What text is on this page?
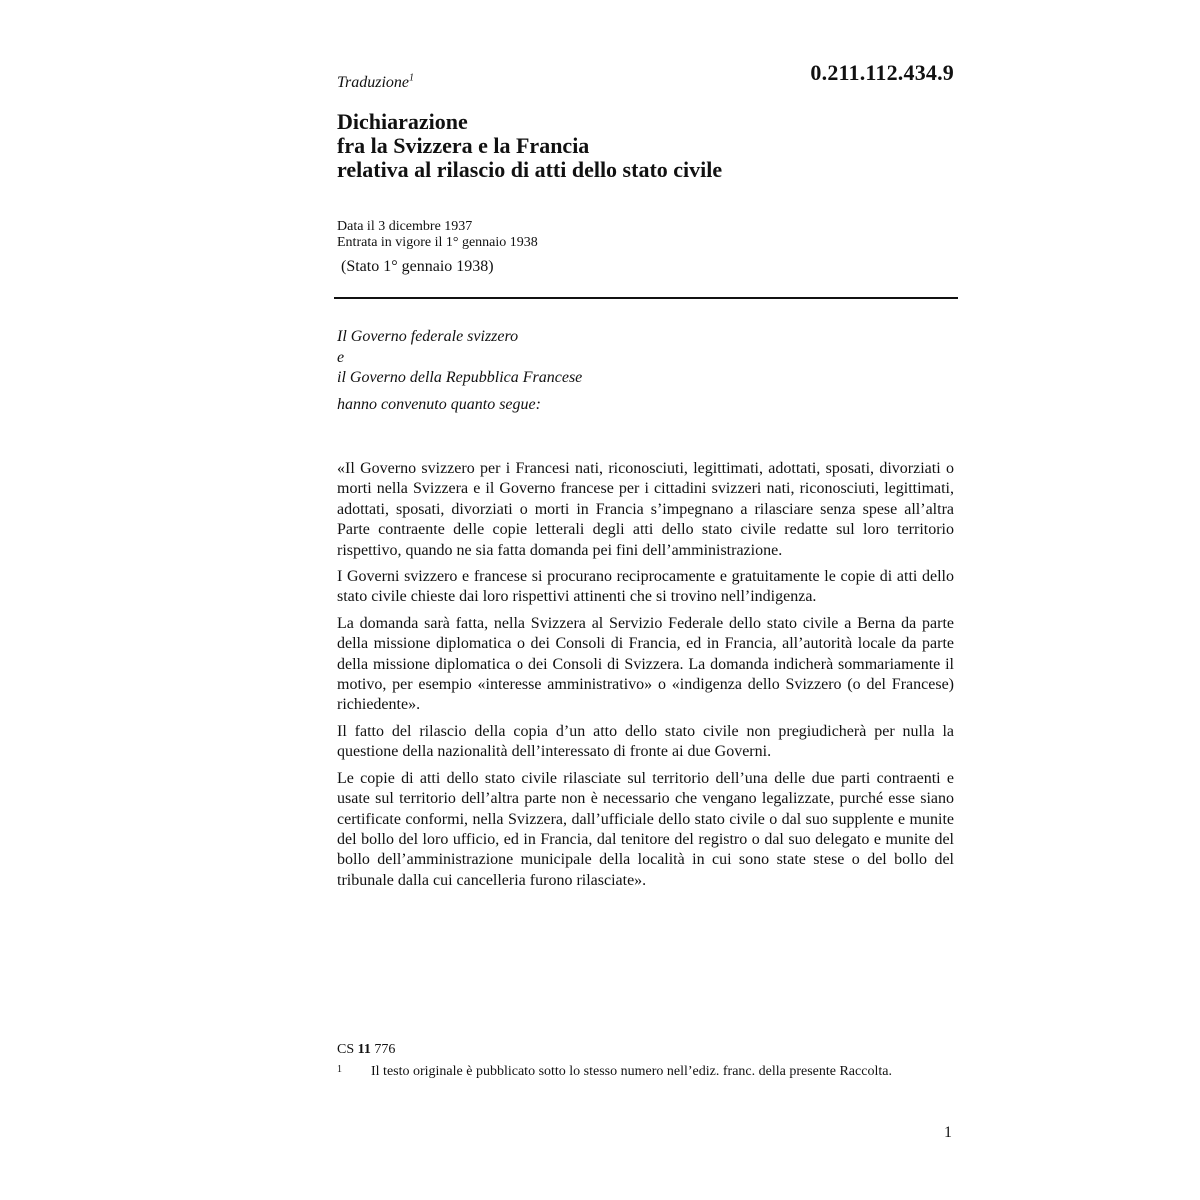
0.211.112.434.9
Traduzione$^1$
Dichiarazione
fra la Svizzera e la Francia
relativa al rilascio di atti dello stato civile
Data il 3 dicembre 1937
Entrata in vigore il 1° gennaio 1938
(Stato 1° gennaio 1938)
Il Governo federale svizzero
e
il Governo della Repubblica Francese
hanno convenuto quanto segue:

«Il Governo svizzero per i Francesi nati, riconosciuti, legittimati, adottati, sposati, divorziati o morti nella Svizzera e il Governo francese per i cittadini svizzeri nati, riconosciuti, legittimati, adottati, sposati, divorziati o morti in Francia s’impegnano a rilasciare senza spese all’altra Parte contraente delle copie letterali degli atti dello stato civile redatte sul loro territorio rispettivo, quando ne sia fatta domanda pei fini dell’amministrazione.

I Governi svizzero e francese si procurano reciprocamente e gratuitamente le copie di atti dello stato civile chieste dai loro rispettivi attinenti che si trovino nell’indigenza.

La domanda sarà fatta, nella Svizzera al Servizio Federale dello stato civile a Berna da parte della missione diplomatica o dei Consoli di Francia, ed in Francia, all’autorità locale da parte della missione diplomatica o dei Consoli di Svizzera. La domanda indicherà sommariamente il motivo, per esempio «interesse amministrativo» o «indigenza dello Svizzero (o del Francese) richiedente».

Il fatto del rilascio della copia d’un atto dello stato civile non pregiudicherà per nulla la questione della nazionalità dell’interessato di fronte ai due Governi.

Le copie di atti dello stato civile rilasciate sul territorio dell’una delle due parti contraenti e usate sul territorio dell’altra parte non è necessario che vengano legalizzate, purché esse siano certificate conformi, nella Svizzera, dall’ufficiale dello stato civile o dal suo supplente e munite del bollo del loro ufficio, ed in Francia, dal tenitore del registro o dal suo delegato e munite del bollo dell’amministrazione municipale della località in cui sono state stese o del bollo del tribunale dalla cui cancelleria furono rilasciate».

CS 11 776
1 Il testo originale è pubblicato sotto lo stesso numero nell’ediz. franc. della presente Raccolta.
1
